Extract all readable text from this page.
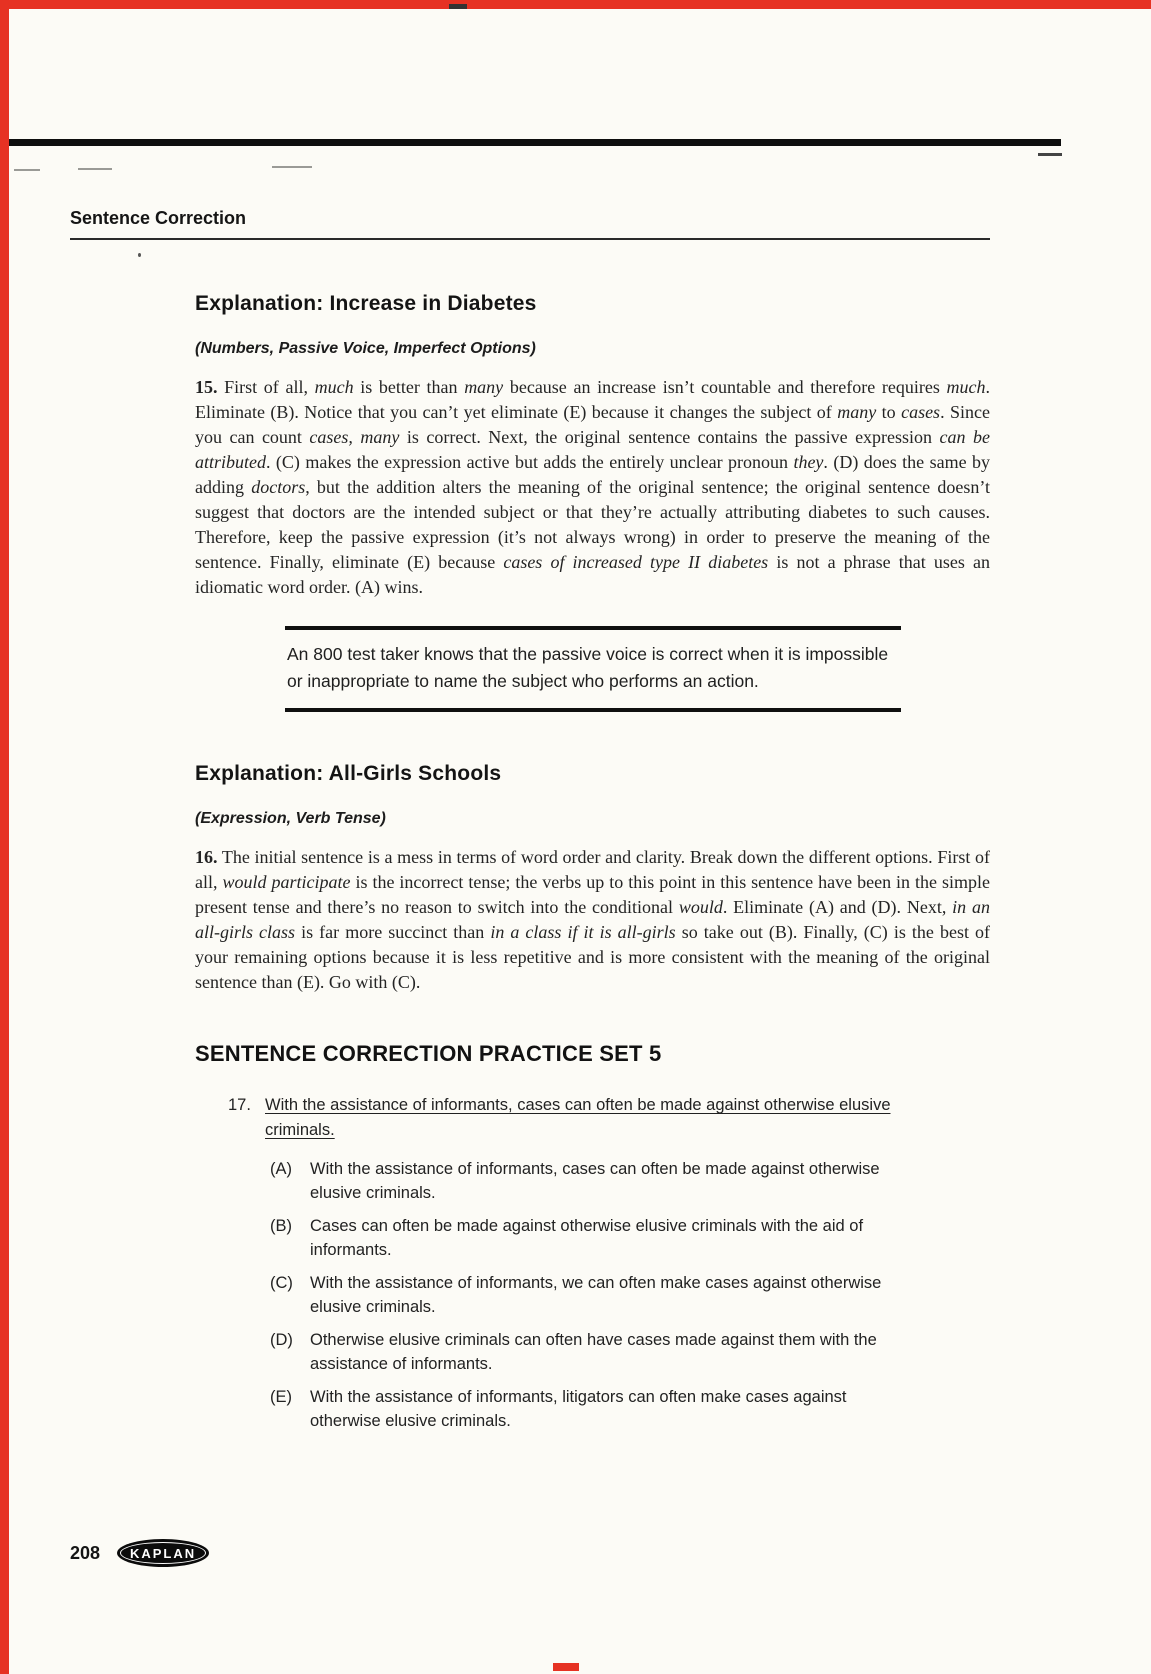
Sentence Correction
Explanation: Increase in Diabetes
(Numbers, Passive Voice, Imperfect Options)

15. First of all, much is better than many because an increase isn’t countable and therefore requires much. Eliminate (B). Notice that you can’t yet eliminate (E) because it changes the subject of many to cases. Since you can count cases, many is correct. Next, the original sentence contains the passive expression can be attributed. (C) makes the expression active but adds the entirely unclear pronoun they. (D) does the same by adding doctors, but the addition alters the meaning of the original sentence; the original sentence doesn’t suggest that doctors are the intended subject or that they’re actually attributing diabetes to such causes. Therefore, keep the passive expression (it’s not always wrong) in order to preserve the meaning of the sentence. Finally, eliminate (E) because cases of increased type II diabetes is not a phrase that uses an idiomatic word order. (A) wins.

An 800 test taker knows that the passive voice is correct when it is impossible or inappropriate to name the subject who performs an action.
Explanation: All-Girls Schools
(Expression, Verb Tense)

16. The initial sentence is a mess in terms of word order and clarity. Break down the different options. First of all, would participate is the incorrect tense; the verbs up to this point in this sentence have been in the simple present tense and there’s no reason to switch into the conditional would. Eliminate (A) and (D). Next, in an all-girls class is far more succinct than in a class if it is all-girls so take out (B). Finally, (C) is the best of your remaining options because it is less repetitive and is more consistent with the meaning of the original sentence than (E). Go with (C).

SENTENCE CORRECTION PRACTICE SET 5
17. With the assistance of informants, cases can often be made against otherwise elusive criminals.
(A)	With the assistance of informants, cases can often be made against otherwise elusive criminals.
(B)	Cases can often be made against otherwise elusive criminals with the aid of informants.
(C)	With the assistance of informants, we can often make cases against otherwise elusive criminals.
(D)	Otherwise elusive criminals can often have cases made against them with the assistance of informants.
(E)	With the assistance of informants, litigators can often make cases against otherwise elusive criminals.
208 KAPLAN
